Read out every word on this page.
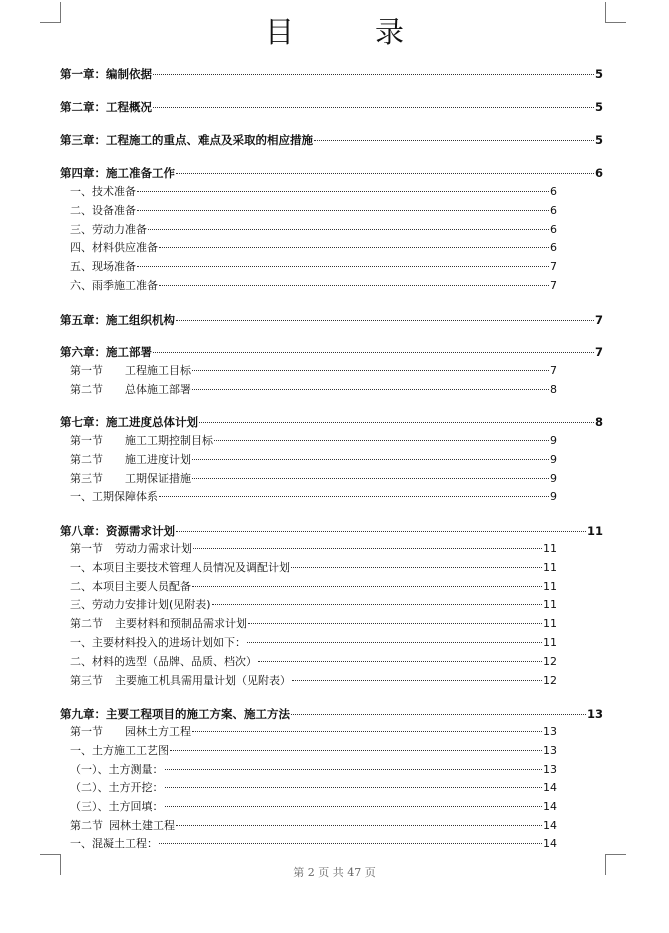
目　录
第一章：编制依据	5
第二章：工程概况	5
第三章：工程施工的重点、难点及采取的相应措施	5
第四章：施工准备工作	6
一、技术准备	6
二、设备准备	6
三、劳动力准备	6
四、材料供应准备	6
五、现场准备	7
六、雨季施工准备	7
第五章：施工组织机构	7
第六章：施工部署	7
第一节 工程施工目标	7
第二节 总体施工部署	8
第七章：施工进度总体计划	8
第一节 施工工期控制目标	9
第二节 施工进度计划	9
第三节 工期保证措施	9
一、工期保障体系	9
第八章：资源需求计划	11
第一节 劳动力需求计划	11
一、本项目主要技术管理人员情况及调配计划	11
二、本项目主要人员配备	11
三、劳动力安排计划(见附表)	11
第二节 主要材料和预制品需求计划	11
一、主要材料投入的进场计划如下：	11
二、材料的选型（品牌、品质、档次）	12
第三节 主要施工机具需用量计划（见附表）	12
第九章：主要工程项目的施工方案、施工方法	13
第一节 园林土方工程	13
一、土方施工工艺图	13
（一）、土方测量：	13
（二）、土方开挖：	14
（三）、土方回填：	14
第二节 园林土建工程	14
一、混凝土工程：	14
第 2 页 共 47 页
